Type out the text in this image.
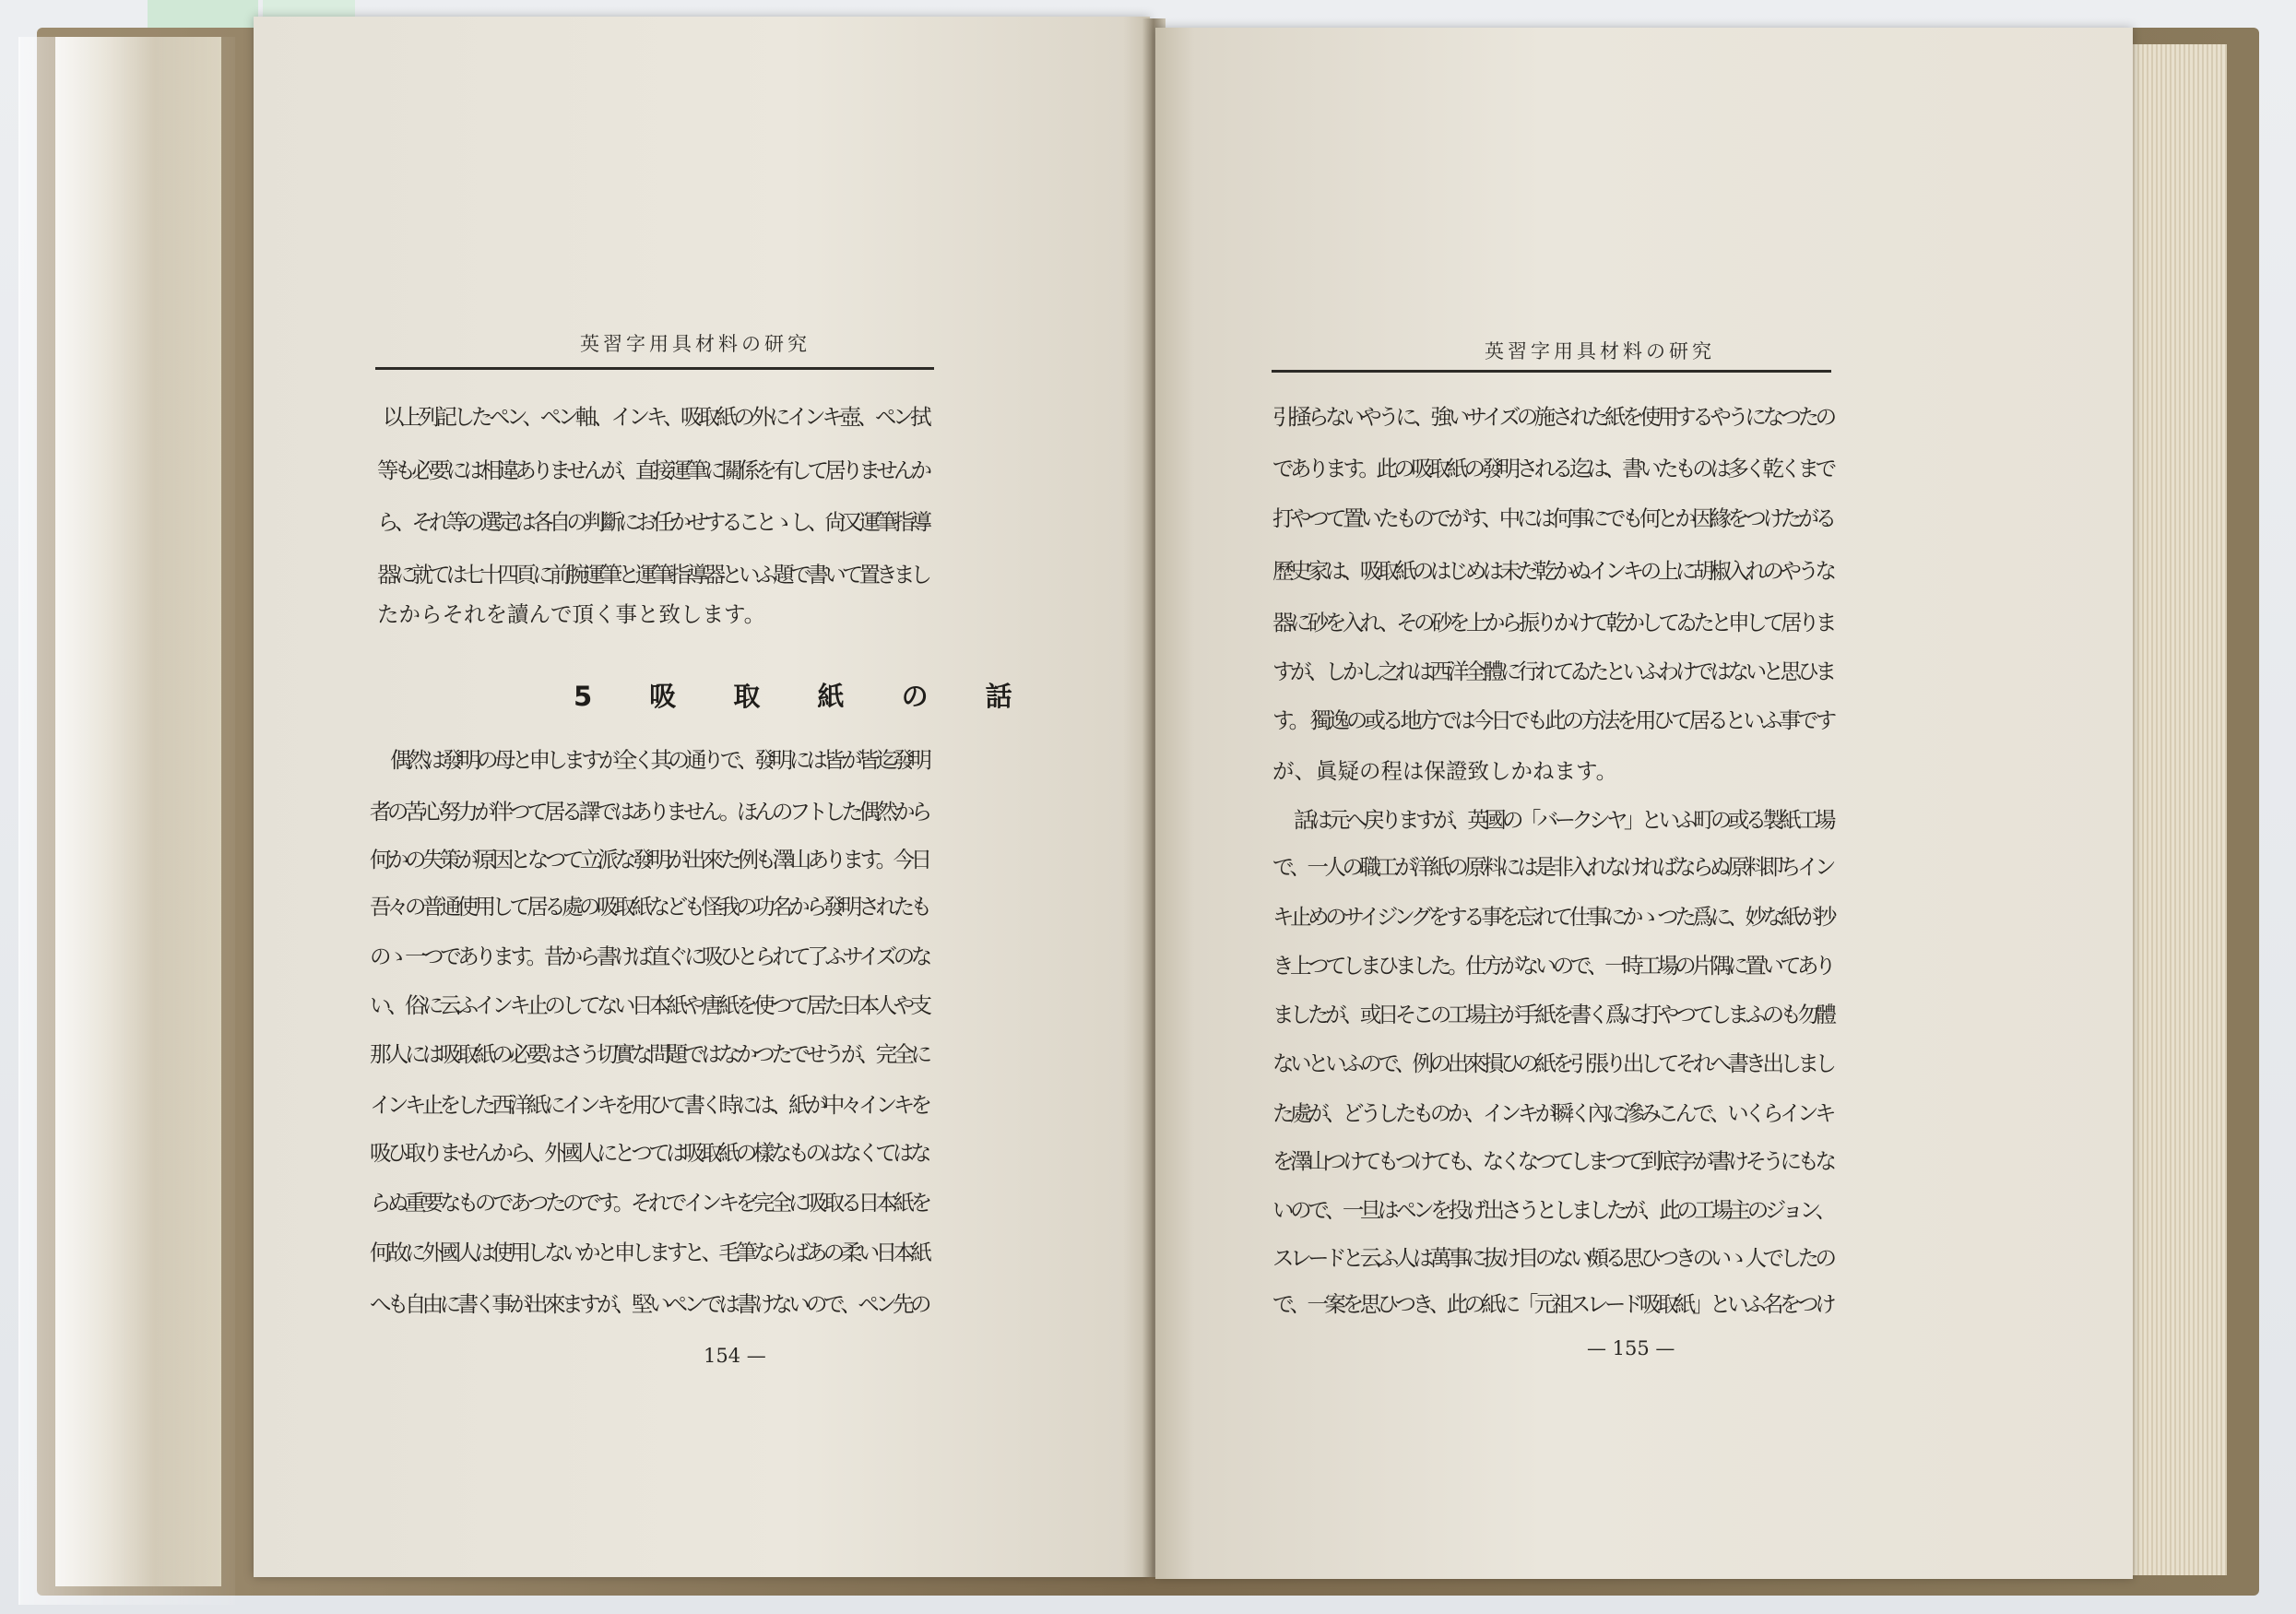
英習字用具材料の研究
以上列記したペン、ペン軸、インキ、吸取紙の外にインキ壺、ペン拭
等も必要には相違ありませんが、直接運筆に關係を有して居りませんか
ら、それ等の選定は各自の判斷にお任かせすることゝし、尙又運筆指導
器に就ては七十四頁に前腕運筆と運筆指導器といふ題で書いて置きまし
たからそれを讀んで頂く事と致します。
5 吸 取 紙 の 話
偶然は發明の母と申しますが全く其の通りで、發明には皆が皆迄發明
者の苦心努力が伴つて居る譯ではありません。ほんのフトした偶然から
何かの失策が原因となつて立派な發明が出來た例も澤山あります。今日
吾々の普通使用して居る處の吸取紙なども怪我の功名から發明されたも
のゝ一つであります。昔から書けば直ぐに吸ひとられて了ふサイズのな
い、俗に云ふインキ止のしてない日本紙や唐紙を使つて居た日本人や支
那人には吸取紙の必要はさう切實な問題ではなかつたでせうが、完全に
インキ止をした西洋紙にインキを用ひて書く時には、紙が中々インキを
吸ひ取りませんから、外國人にとつては吸取紙の樣なものはなくてはな
らぬ重要なものであつたのです。それでインキを完全に吸取る日本紙を
何故に外國人は使用しないかと申しますと、毛筆ならばあの柔い日本紙
へも自由に書く事が出來ますが、堅いペンでは書けないので、ペン先の
154 —
英習字用具材料の研究
引掻らないやうに、強いサイズの施された紙を使用するやうになつたの
であります。此の吸取紙の發明される迄は、書いたものは多く乾くまで
打やつて置いたものでがす、中には何事にでも何とか因緣をつけたがる
歷史家は、吸取紙のはじめは未だ乾かぬインキの上に胡椒入れのやうな
器に砂を入れ、その砂を上から振りかけて乾かしてゐたと申して居りま
すが、しかし之れは西洋全體に行れてゐたといふわけではないと思ひま
す。 獨逸の或る地方では今日でも此の方法を用ひて居るといふ事です
が、眞疑の程は保證致しかねます。
話は元へ戻りますが、英國の「バークシヤ」といふ町の或る製紙工場
で、一人の職工が洋紙の原料には是非入れなければならぬ原料即ちイン
キ止めのサイジングをする事を忘れて仕事にかゝつた爲に、妙な紙が抄
き上つてしまひました。仕方がないので、一時工場の片隅に置いてあり
ましたが、或日そこの工場主が手紙を書く爲に打やつてしまふのも勿體
ないといふので、例の出來損ひの紙を引張り出してそれへ書き出しまし
た處が、どうしたものか、インキが瞬く內に滲みこんで、いくらインキ
を澤山つけてもつけても、なくなつてしまつて到底字が書けそうにもな
いので、一旦はペンを投げ出さうとしましたが、此の工場主のジョン、
スレードと云ふ人は萬事に抜け目のない頗る思ひつきのいゝ人でしたの
で、一案を思ひつき、此の紙に「元祖スレード吸取紙」といふ名をつけ
— 155 —
